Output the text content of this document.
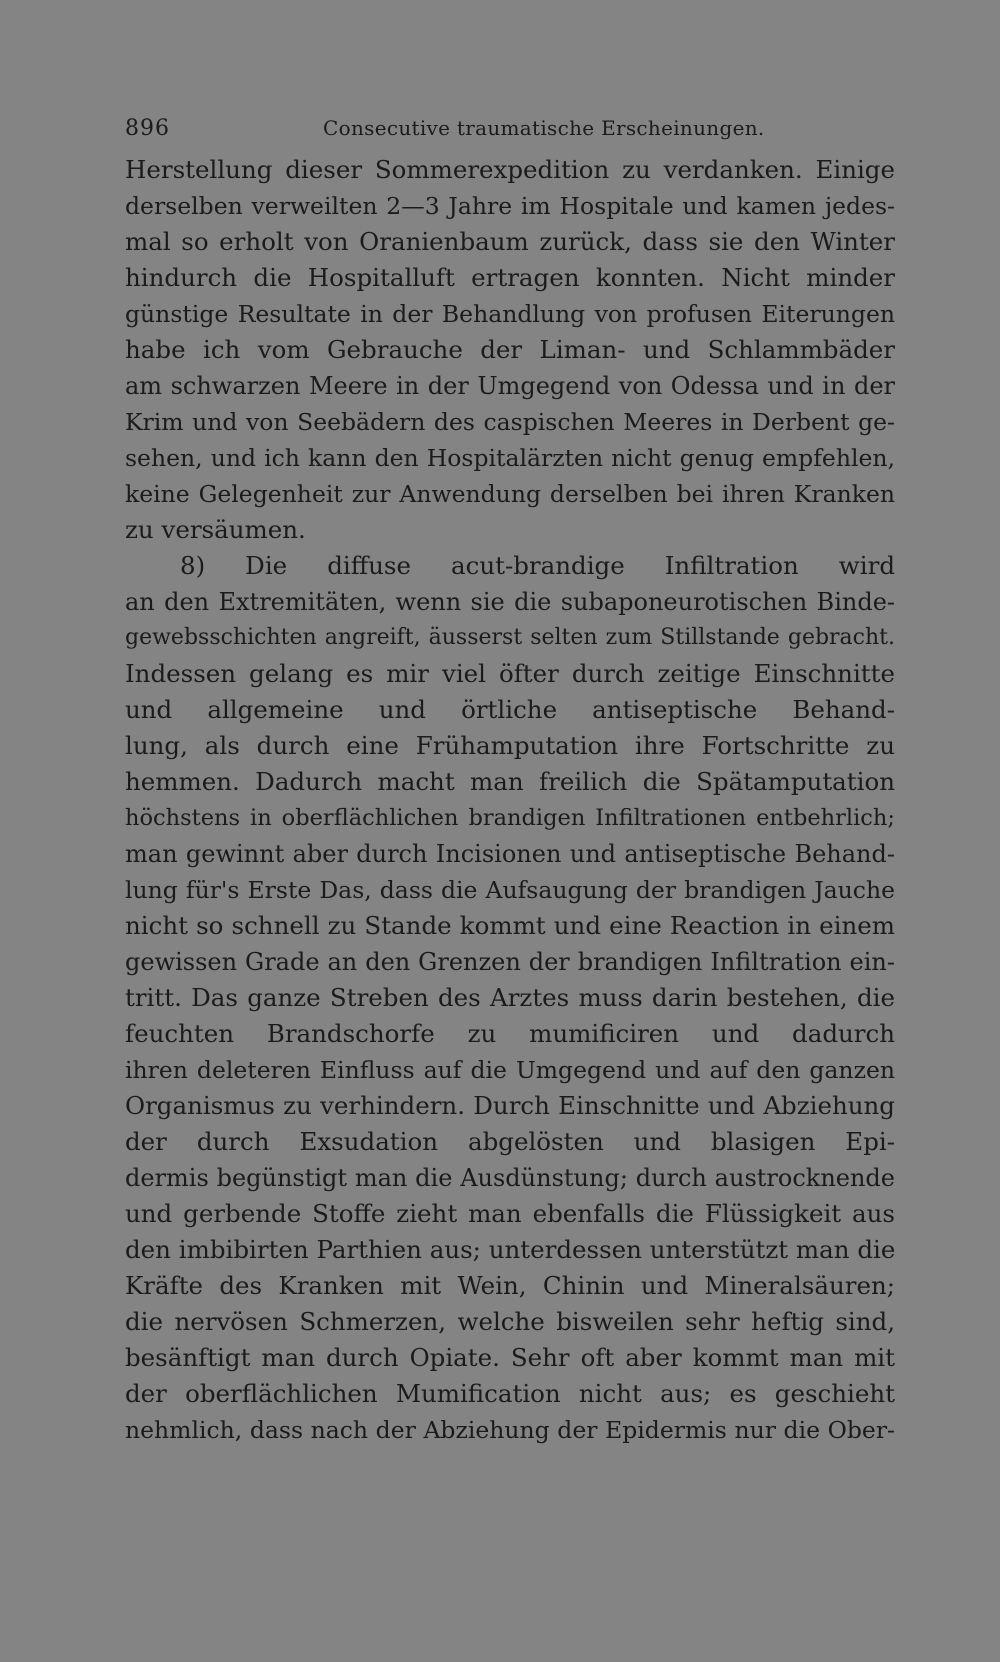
896	Consecutive traumatische Erscheinungen.
Herstellung dieser Sommerexpedition zu verdanken. Einige
derselben verweilten 2—3 Jahre im Hospitale und kamen jedes-
mal so erholt von Oranienbaum zurück, dass sie den Winter
hindurch die Hospitalluft ertragen konnten. Nicht minder
günstige Resultate in der Behandlung von profusen Eiterungen
habe ich vom Gebrauche der Liman- und Schlammbäder
am schwarzen Meere in der Umgegend von Odessa und in der
Krim und von Seebädern des caspischen Meeres in Derbent ge-
sehen, und ich kann den Hospitalärzten nicht genug empfehlen,
keine Gelegenheit zur Anwendung derselben bei ihren Kranken
zu versäumen.
8) Die diffuse acut-brandige Infiltration wird
an den Extremitäten, wenn sie die subaponeurotischen Binde-
gewebsschichten angreift, äusserst selten zum Stillstande gebracht.
Indessen gelang es mir viel öfter durch zeitige Einschnitte
und allgemeine und örtliche antiseptische Behand-
lung, als durch eine Frühamputation ihre Fortschritte zu
hemmen. Dadurch macht man freilich die Spätamputation
höchstens in oberflächlichen brandigen Infiltrationen entbehrlich;
man gewinnt aber durch Incisionen und antiseptische Behand-
lung für's Erste Das, dass die Aufsaugung der brandigen Jauche
nicht so schnell zu Stande kommt und eine Reaction in einem
gewissen Grade an den Grenzen der brandigen Infiltration ein-
tritt. Das ganze Streben des Arztes muss darin bestehen, die
feuchten Brandschorfe zu mumificiren und dadurch
ihren deleteren Einfluss auf die Umgegend und auf den ganzen
Organismus zu verhindern. Durch Einschnitte und Abziehung
der durch Exsudation abgelösten und blasigen Epi-
dermis begünstigt man die Ausdünstung; durch austrocknende
und gerbende Stoffe zieht man ebenfalls die Flüssigkeit aus
den imbibirten Parthien aus; unterdessen unterstützt man die
Kräfte des Kranken mit Wein, Chinin und Mineralsäuren;
die nervösen Schmerzen, welche bisweilen sehr heftig sind,
besänftigt man durch Opiate. Sehr oft aber kommt man mit
der oberflächlichen Mumification nicht aus; es geschieht
nehmlich, dass nach der Abziehung der Epidermis nur die Ober-
